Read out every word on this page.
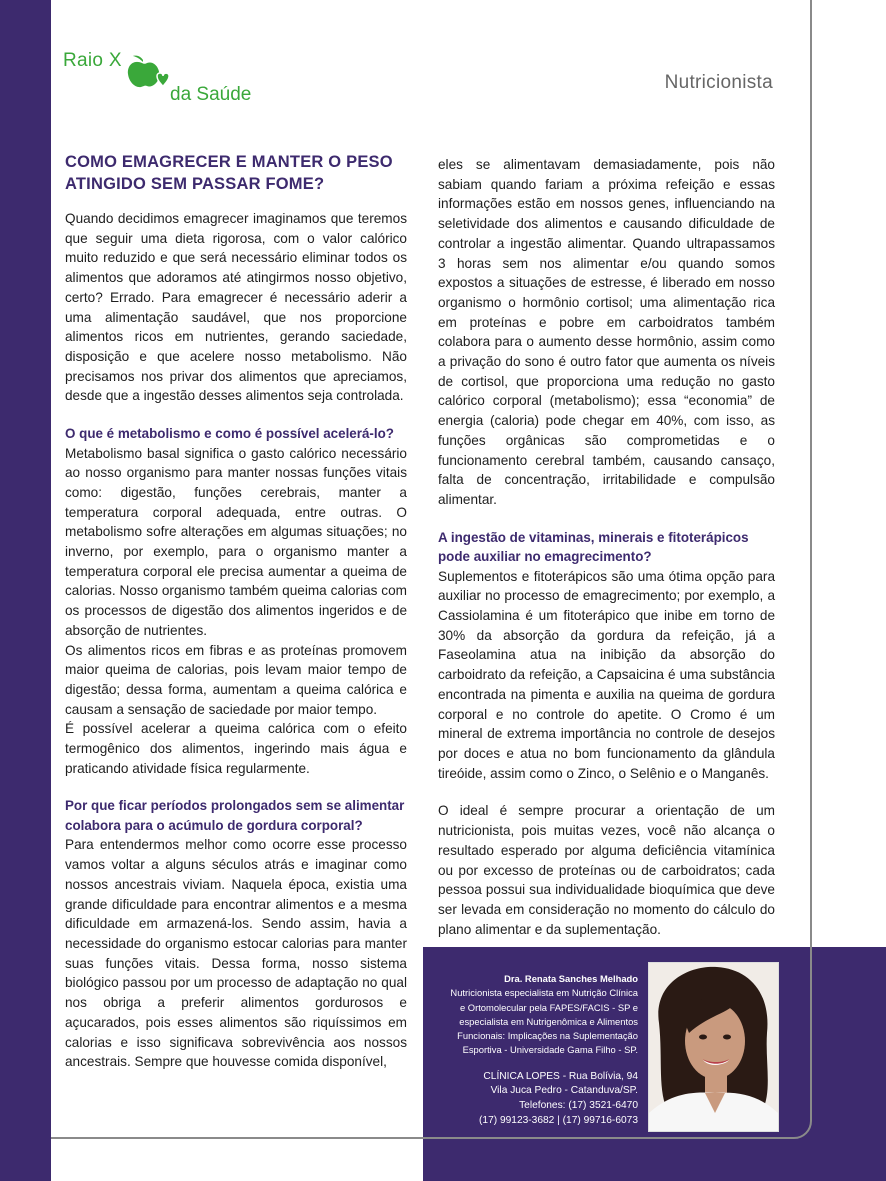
Raio X
da Saúde
Nutricionista
COMO EMAGRECER E MANTER O PESO ATINGIDO SEM PASSAR FOME?

Quando decidimos emagrecer imaginamos que teremos que seguir uma dieta rigorosa, com o valor calórico muito reduzido e que será necessário eliminar todos os alimentos que adoramos até atingirmos nosso objetivo, certo? Errado. Para emagrecer é necessário aderir a uma alimentação saudável, que nos proporcione alimentos ricos em nutrientes, gerando saciedade, disposição e que acelere nosso metabolismo. Não precisamos nos privar dos alimentos que apreciamos, desde que a ingestão desses alimentos seja controlada.

O que é metabolismo e como é possível acelerá-lo?

Metabolismo basal significa o gasto calórico necessário ao nosso organismo para manter nossas funções vitais como: digestão, funções cerebrais, manter a temperatura corporal adequada, entre outras. O metabolismo sofre alterações em algumas situações; no inverno, por exemplo, para o organismo manter a temperatura corporal ele precisa aumentar a queima de calorias. Nosso organismo também queima calorias com os processos de digestão dos alimentos ingeridos e de absorção de nutrientes.

Os alimentos ricos em fibras e as proteínas promovem maior queima de calorias, pois levam maior tempo de digestão; dessa forma, aumentam a queima calórica e causam a sensação de saciedade por maior tempo.

É possível acelerar a queima calórica com o efeito termogênico dos alimentos, ingerindo mais água e praticando atividade física regularmente.

Por que ficar períodos prolongados sem se alimentar colabora para o acúmulo de gordura corporal?

Para entendermos melhor como ocorre esse processo vamos voltar a alguns séculos atrás e imaginar como nossos ancestrais viviam. Naquela época, existia uma grande dificuldade para encontrar alimentos e a mesma dificuldade em armazená-los. Sendo assim, havia a necessidade do organismo estocar calorias para manter suas funções vitais. Dessa forma, nosso sistema biológico passou por um processo de adaptação no qual nos obriga a preferir alimentos gordurosos e açucarados, pois esses alimentos são riquíssimos em calorias e isso significava sobrevivência aos nossos ancestrais. Sempre que houvesse comida disponível,

eles se alimentavam demasiadamente, pois não sabiam quando fariam a próxima refeição e essas informações estão em nossos genes, influenciando na seletividade dos alimentos e causando dificuldade de controlar a ingestão alimentar. Quando ultrapassamos 3 horas sem nos alimentar e/ou quando somos expostos a situações de estresse, é liberado em nosso organismo o hormônio cortisol; uma alimentação rica em proteínas e pobre em carboidratos também colabora para o aumento desse hormônio, assim como a privação do sono é outro fator que aumenta os níveis de cortisol, que proporciona uma redução no gasto calórico corporal (metabolismo); essa “economia” de energia (caloria) pode chegar em 40%, com isso, as funções orgânicas são comprometidas e o funcionamento cerebral também, causando cansaço, falta de concentração, irritabilidade e compulsão alimentar.

A ingestão de vitaminas, minerais e fitoterápicos pode auxiliar no emagrecimento?

Suplementos e fitoterápicos são uma ótima opção para auxiliar no processo de emagrecimento; por exemplo, a Cassiolamina é um fitoterápico que inibe em torno de 30% da absorção da gordura da refeição, já a Faseolamina atua na inibição da absorção do carboidrato da refeição, a Capsaicina é uma substância encontrada na pimenta e auxilia na queima de gordura corporal e no controle do apetite. O Cromo é um mineral de extrema importância no controle de desejos por doces e atua no bom funcionamento da glândula tireóide, assim como o Zinco, o Selênio e o Manganês.

O ideal é sempre procurar a orientação de um nutricionista, pois muitas vezes, você não alcança o resultado esperado por alguma deficiência vitamínica ou por excesso de proteínas ou de carboidratos; cada pessoa possui sua individualidade bioquímica que deve ser levada em consideração no momento do cálculo do plano alimentar e da suplementação.

Dra. Renata Sanches Melhado
Nutricionista especialista em Nutrição Clínica
e Ortomolecular pela FAPES/FACIS - SP e
especialista em Nutrigenômica e Alimentos
Funcionais: Implicações na Suplementação
Esportiva - Universidade Gama Filho - SP.
CLÍNICA LOPES - Rua Bolívia, 94
Vila Juca Pedro - Catanduva/SP.
Telefones: (17) 3521-6470
(17) 99123-3682 | (17) 99716-6073
